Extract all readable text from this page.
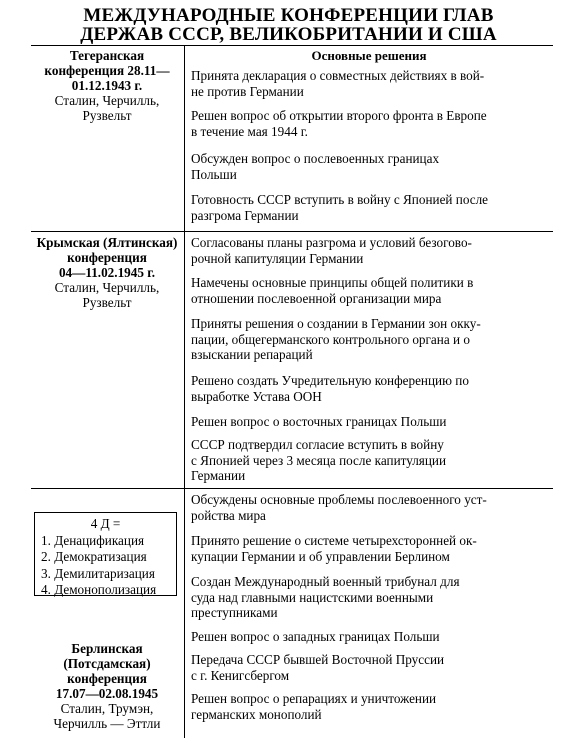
МЕЖДУНАРОДНЫЕ КОНФЕРЕНЦИИ ГЛАВ
ДЕРЖАВ СССР, ВЕЛИКОБРИТАНИИ И США
Основные решения
Тегеранская
конференция 28.11—
01.12.1943 г.
Сталин, Черчилль,
Рузвельт
Принята декларация о совместных действиях в вой-
не против Германии
Решен вопрос об открытии второго фронта в Европе
в течение мая 1944 г.
Обсужден вопрос о послевоенных границах
Польши
Готовность СССР вступить в войну с Японией после
разгрома Германии
Крымская (Ялтинская)
конференция
04—11.02.1945 г.
Сталин, Черчилль,
Рузвельт
Согласованы планы разгрома и условий безогово-
рочной капитуляции Германии
Намечены основные принципы общей политики в
отношении послевоенной организации мира
Приняты решения о создании в Германии зон окку-
пации, общегерманского контрольного органа и о
взыскании репараций
Решено создать Учредительную конференцию по
выработке Устава ООН
Решен вопрос о восточных границах Польши
СССР подтвердил согласие вступить в войну
с Японией через 3 месяца после капитуляции
Германии
4 Д =
1. Денацификация
2. Демократизация
3. Демилитаризация
4. Демонополизация
Берлинская
(Потсдамская)
конференция
17.07—02.08.1945
Сталин, Трумэн,
Черчилль — Эттли
Обсуждены основные проблемы послевоенного уст-
ройства мира
Принято решение о системе четырехсторонней ок-
купации Германии и об управлении Берлином
Создан Международный военный трибунал для
суда над главными нацистскими военными
преступниками
Решен вопрос о западных границах Польши
Передача СССР бывшей Восточной Пруссии
с г. Кенигсбергом
Решен вопрос о репарациях и уничтожении
германских монополий
